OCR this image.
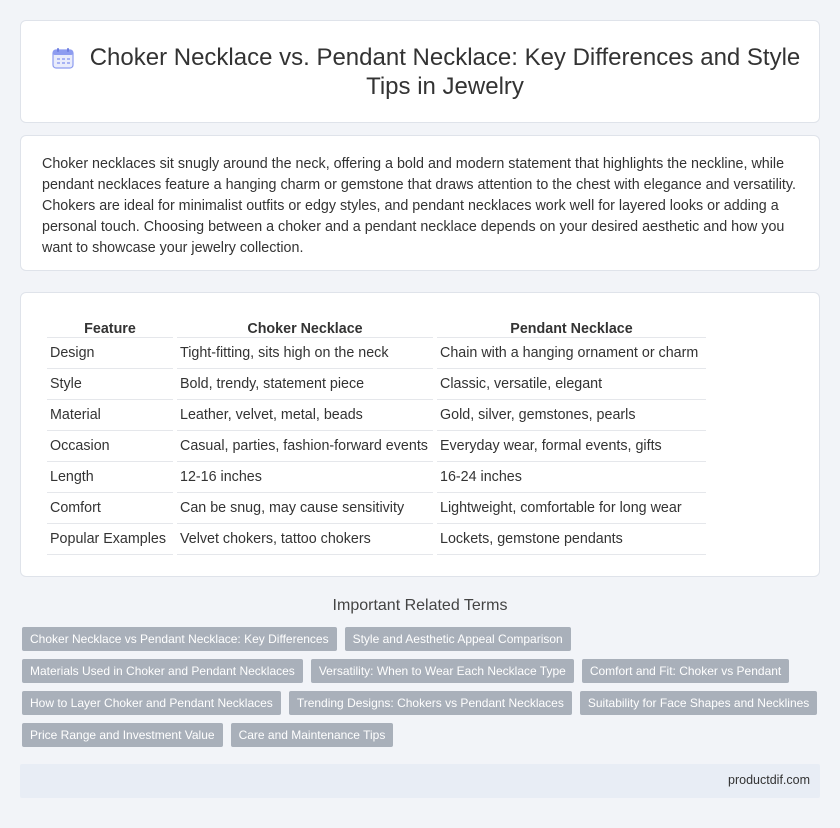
Choker Necklace vs. Pendant Necklace: Key Differences and Style Tips in Jewelry

Choker necklaces sit snugly around the neck, offering a bold and modern statement that highlights the neckline, while pendant necklaces feature a hanging charm or gemstone that draws attention to the chest with elegance and versatility. Chokers are ideal for minimalist outfits or edgy styles, and pendant necklaces work well for layered looks or adding a personal touch. Choosing between a choker and a pendant necklace depends on your desired aesthetic and how you want to showcase your jewelry collection.

Feature	Choker Necklace	Pendant Necklace
Design	Tight-fitting, sits high on the neck	Chain with a hanging ornament or charm
Style	Bold, trendy, statement piece	Classic, versatile, elegant
Material	Leather, velvet, metal, beads	Gold, silver, gemstones, pearls
Occasion	Casual, parties, fashion-forward events	Everyday wear, formal events, gifts
Length	12-16 inches	16-24 inches
Comfort	Can be snug, may cause sensitivity	Lightweight, comfortable for long wear
Popular Examples	Velvet chokers, tattoo chokers	Lockets, gemstone pendants
Important Related Terms
Choker Necklace vs Pendant Necklace: Key Differences	Style and Aesthetic Appeal Comparison
Materials Used in Choker and Pendant Necklaces	Versatility: When to Wear Each Necklace Type	Comfort and Fit: Choker vs Pendant
How to Layer Choker and Pendant Necklaces	Trending Designs: Chokers vs Pendant Necklaces	Suitability for Face Shapes and Necklines
Price Range and Investment Value	Care and Maintenance Tips
productdif.com
